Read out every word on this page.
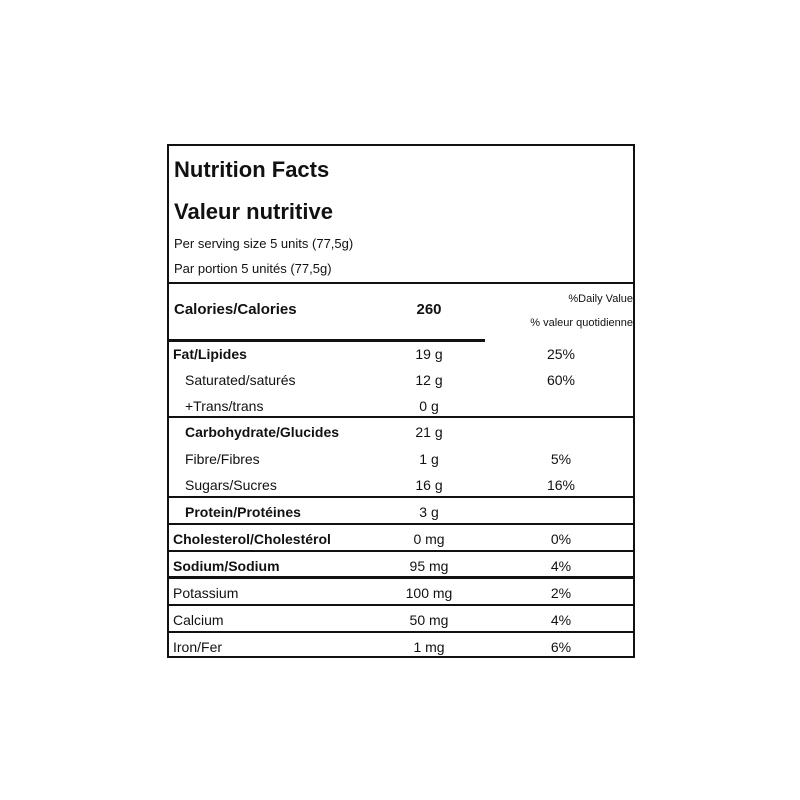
Nutrition Facts
Valeur nutritive
Per serving size 5 units (77,5g)
Par portion 5 unités (77,5g)
Calories/Calories	260
%Daily Value
% valeur quotidienne
Fat/Lipides	19 g	25%
Saturated/saturés	12 g	60%
+Trans/trans	0 g
Carbohydrate/Glucides	21 g
Fibre/Fibres	1 g	5%
Sugars/Sucres	16 g	16%
Protein/Protéines	3 g
Cholesterol/Cholestérol	0 mg	0%
Sodium/Sodium	95 mg	4%
Potassium	100 mg	2%
Calcium	50 mg	4%
Iron/Fer	1 mg	6%
